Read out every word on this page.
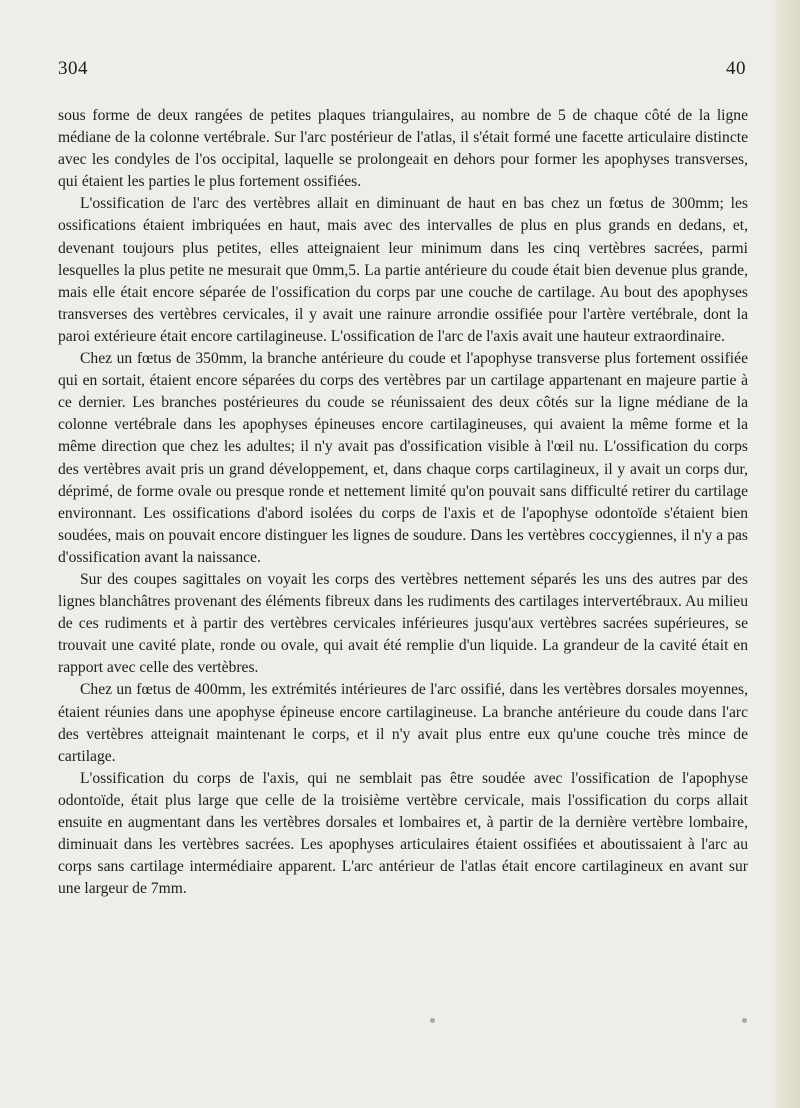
304	40

sous forme de deux rangées de petites plaques triangulaires, au nombre de 5 de chaque côté de la ligne médiane de la colonne vertébrale. Sur l'arc postérieur de l'atlas, il s'était formé une facette articulaire distincte avec les condyles de l'os occipital, laquelle se prolongeait en dehors pour former les apophyses transverses, qui étaient les parties le plus fortement ossifiées.

L'ossification de l'arc des vertèbres allait en diminuant de haut en bas chez un fœtus de 300mm; les ossifications étaient imbriquées en haut, mais avec des intervalles de plus en plus grands en dedans, et, devenant toujours plus petites, elles atteignaient leur minimum dans les cinq vertèbres sacrées, parmi lesquelles la plus petite ne mesurait que 0mm,5. La partie antérieure du coude était bien devenue plus grande, mais elle était encore séparée de l'ossification du corps par une couche de cartilage. Au bout des apophyses transverses des vertèbres cervicales, il y avait une rainure arrondie ossifiée pour l'artère vertébrale, dont la paroi extérieure était encore cartilagineuse. L'ossification de l'arc de l'axis avait une hauteur extraordinaire.

Chez un fœtus de 350mm, la branche antérieure du coude et l'apophyse transverse plus fortement ossifiée qui en sortait, étaient encore séparées du corps des vertèbres par un cartilage appartenant en majeure partie à ce dernier. Les branches postérieures du coude se réunissaient des deux côtés sur la ligne médiane de la colonne vertébrale dans les apophyses épineuses encore cartilagineuses, qui avaient la même forme et la même direction que chez les adultes; il n'y avait pas d'ossification visible à l'œil nu. L'ossification du corps des vertèbres avait pris un grand développement, et, dans chaque corps cartilagineux, il y avait un corps dur, déprimé, de forme ovale ou presque ronde et nettement limité qu'on pouvait sans difficulté retirer du cartilage environnant. Les ossifications d'abord isolées du corps de l'axis et de l'apophyse odontoïde s'étaient bien soudées, mais on pouvait encore distinguer les lignes de soudure. Dans les vertèbres coccygiennes, il n'y a pas d'ossification avant la naissance.

Sur des coupes sagittales on voyait les corps des vertèbres nettement séparés les uns des autres par des lignes blanchâtres provenant des éléments fibreux dans les rudiments des cartilages intervertébraux. Au milieu de ces rudiments et à partir des vertèbres cervicales inférieures jusqu'aux vertèbres sacrées supérieures, se trouvait une cavité plate, ronde ou ovale, qui avait été remplie d'un liquide. La grandeur de la cavité était en rapport avec celle des vertèbres.

Chez un fœtus de 400mm, les extrémités intérieures de l'arc ossifié, dans les vertèbres dorsales moyennes, étaient réunies dans une apophyse épineuse encore cartilagineuse. La branche antérieure du coude dans l'arc des vertèbres atteignait maintenant le corps, et il n'y avait plus entre eux qu'une couche très mince de cartilage.

L'ossification du corps de l'axis, qui ne semblait pas être soudée avec l'ossification de l'apophyse odontoïde, était plus large que celle de la troisième vertèbre cervicale, mais l'ossification du corps allait ensuite en augmentant dans les vertèbres dorsales et lombaires et, à partir de la dernière vertèbre lombaire, diminuait dans les vertèbres sacrées. Les apophyses articulaires étaient ossifiées et aboutissaient à l'arc au corps sans cartilage intermédiaire apparent. L'arc antérieur de l'atlas était encore cartilagineux en avant sur une largeur de 7mm.
